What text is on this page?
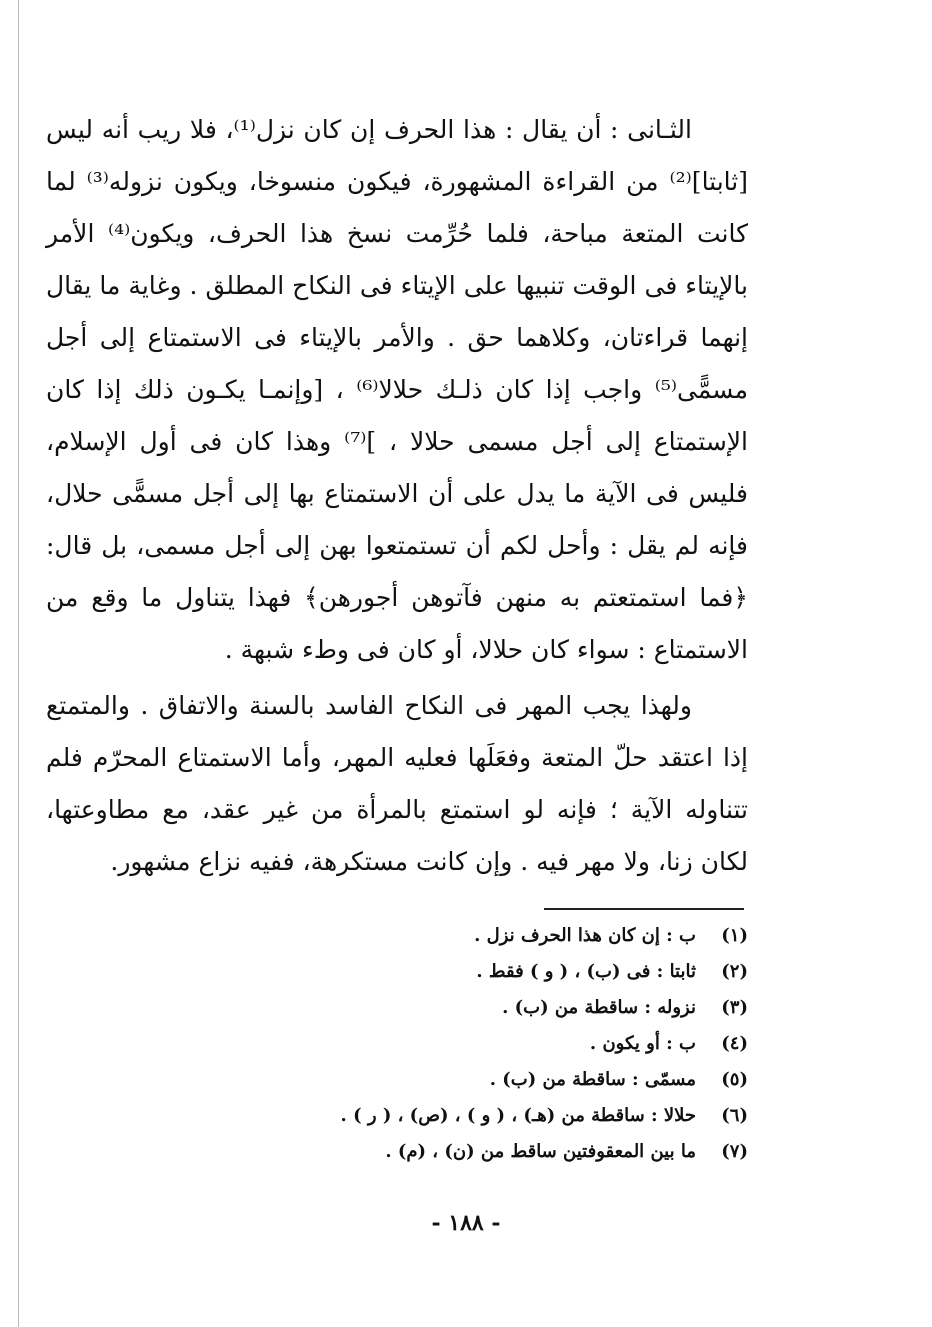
الثـانى : أن يقال : هذا الحرف إن كان نزل⁽¹⁾، فلا ريب أنه ليس [ثابتا]⁽²⁾ من القراءة المشهورة، فيكون منسوخا، ويكون نزوله⁽³⁾ لما كانت المتعة مباحة، فلما حُرِّمت نسخ هذا الحرف، ويكون⁽⁴⁾ الأمر بالإيتاء فى الوقت تنبيها على الإيتاء فى النكاح المطلق . وغاية ما يقال إنهما قراءتان، وكلاهما حق . والأمر بالإيتاء فى الاستمتاع إلى أجل مسمًّى⁽⁵⁾ واجب إذا كان ذلـك حلالا⁽⁶⁾ ، [وإنمـا يكـون ذلك إذا كان الإستمتاع إلى أجل مسمى حلالا ، ]⁽⁷⁾ وهذا كان فى أول الإسلام، فليس فى الآية ما يدل على أن الاستمتاع بها إلى أجل مسمًّى حلال، فإنه لم يقل : وأحل لكم أن تستمتعوا بهن إلى أجل مسمى، بل قال: ﴿فما استمتعتم به منهن فآتوهن أجورهن﴾ فهذا يتناول ما وقع من الاستمتاع : سواء كان حلالا، أو كان فى وطء شبهة .

ولهذا يجب المهر فى النكاح الفاسد بالسنة والاتفاق . والمتمتع إذا اعتقد حلّ المتعة وفعَلَها فعليه المهر، وأما الاستمتاع المحرّم فلم تتناوله الآية ؛ فإنه لو استمتع بالمرأة من غير عقد، مع مطاوعتها، لكان زنا، ولا مهر فيه . وإن كانت مستكرهة، ففيه نزاع مشهور.

(١)
ب : إن كان هذا الحرف نزل .
(٢)
ثابتا : فى (ب) ، ( و ) فقط .
(٣)
نزوله : ساقطة من (ب) .
(٤)
ب : أو يكون .
(٥)
مسمّى : ساقطة من (ب) .
(٦)
حلالا : ساقطة من (هـ) ، ( و ) ، (ص) ، ( ر ) .
(٧)
ما بين المعقوفتين ساقط من (ن) ، (م) .
- ١٨٨ -
